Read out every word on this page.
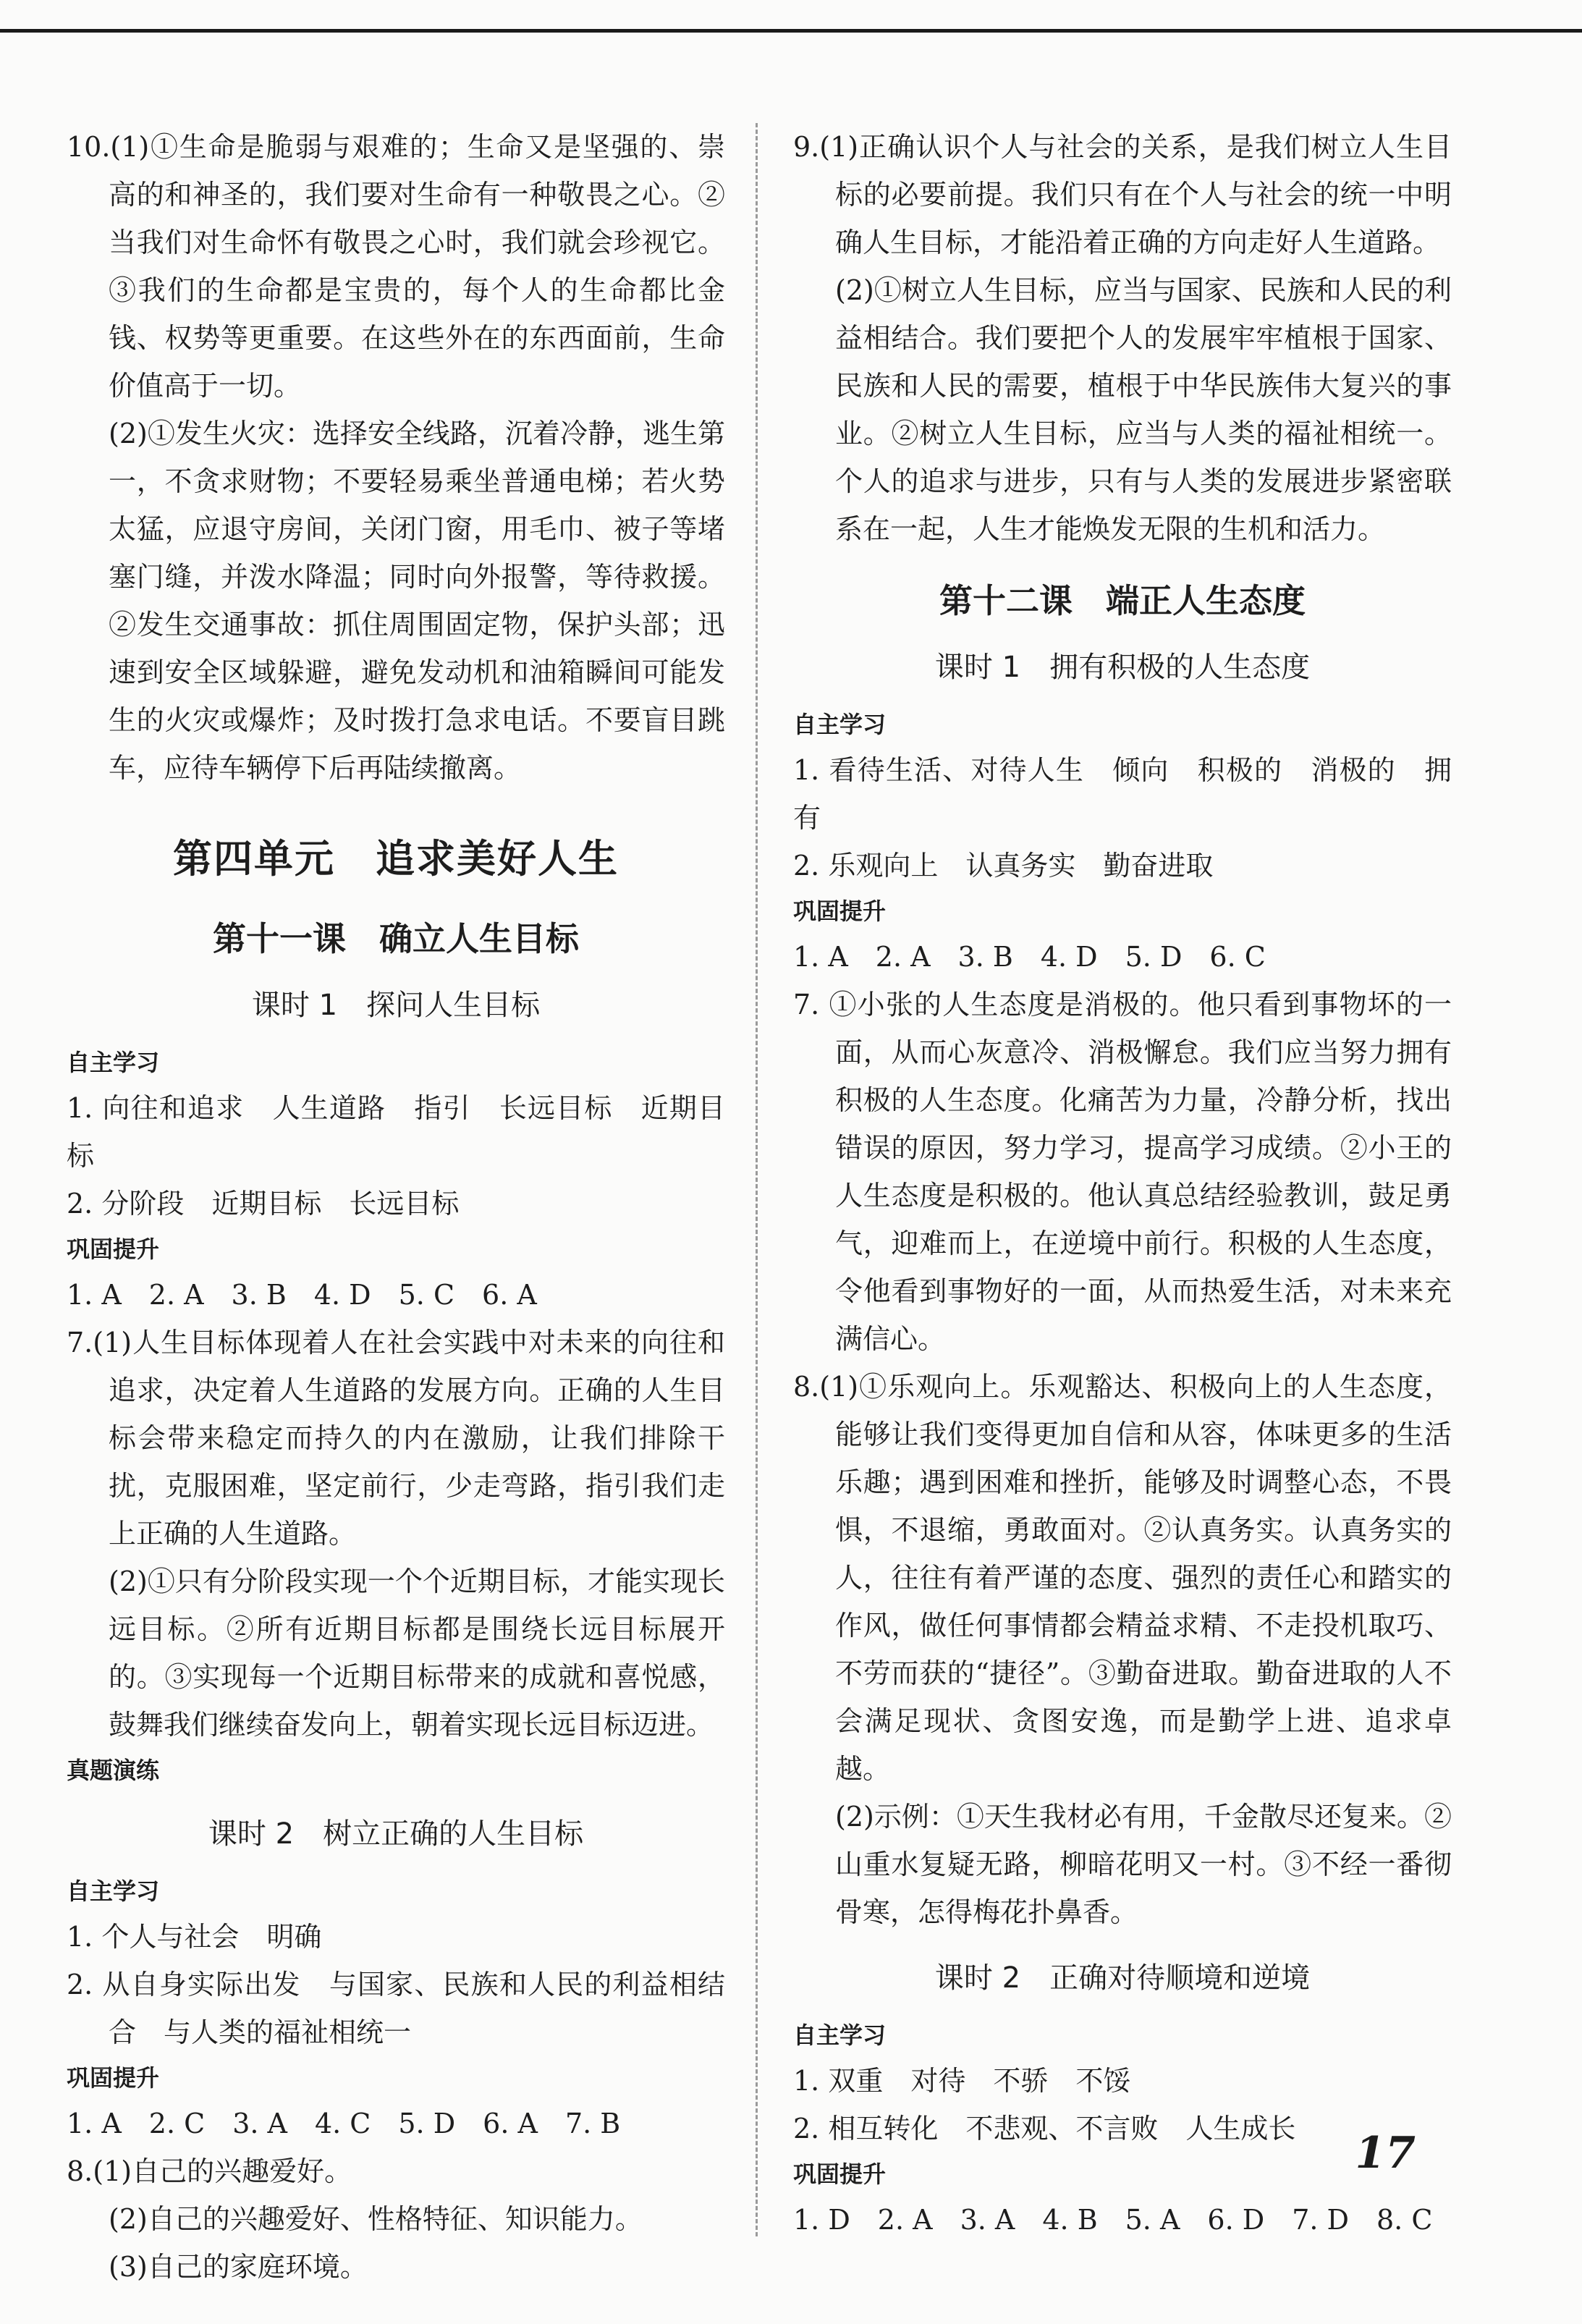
10.(1)①生命是脆弱与艰难的；生命又是坚强的、崇高的和神圣的，我们要对生命有一种敬畏之心。②当我们对生命怀有敬畏之心时，我们就会珍视它。③我们的生命都是宝贵的，每个人的生命都比金钱、权势等更重要。在这些外在的东西面前，生命价值高于一切。

(2)①发生火灾：选择安全线路，沉着冷静，逃生第一，不贪求财物；不要轻易乘坐普通电梯；若火势太猛，应退守房间，关闭门窗，用毛巾、被子等堵塞门缝，并泼水降温；同时向外报警，等待救援。②发生交通事故：抓住周围固定物，保护头部；迅速到安全区域躲避，避免发动机和油箱瞬间可能发生的火灾或爆炸；及时拨打急求电话。不要盲目跳车，应待车辆停下后再陆续撤离。

第四单元　追求美好人生
第十一课　确立人生目标
课时 1　探问人生目标
自主学习

1. 向往和追求　人生道路　指引　长远目标　近期目标

2. 分阶段　近期目标　长远目标

巩固提升

1. A　2. A　3. B　4. D　5. C　6. A

7.(1)人生目标体现着人在社会实践中对未来的向往和追求，决定着人生道路的发展方向。正确的人生目标会带来稳定而持久的内在激励，让我们排除干扰，克服困难，坚定前行，少走弯路，指引我们走上正确的人生道路。

(2)①只有分阶段实现一个个近期目标，才能实现长远目标。②所有近期目标都是围绕长远目标展开的。③实现每一个近期目标带来的成就和喜悦感，鼓舞我们继续奋发向上，朝着实现长远目标迈进。

真题演练
课时 2　树立正确的人生目标
自主学习

1. 个人与社会　明确

2. 从自身实际出发　与国家、民族和人民的利益相结合　与人类的福祉相统一

巩固提升

1. A　2. C　3. A　4. C　5. D　6. A　7. B

8.(1)自己的兴趣爱好。

(2)自己的兴趣爱好、性格特征、知识能力。

(3)自己的家庭环境。

9.(1)正确认识个人与社会的关系，是我们树立人生目标的必要前提。我们只有在个人与社会的统一中明确人生目标，才能沿着正确的方向走好人生道路。

(2)①树立人生目标，应当与国家、民族和人民的利益相结合。我们要把个人的发展牢牢植根于国家、民族和人民的需要，植根于中华民族伟大复兴的事业。②树立人生目标，应当与人类的福祉相统一。个人的追求与进步，只有与人类的发展进步紧密联系在一起，人生才能焕发无限的生机和活力。

第十二课　端正人生态度
课时 1　拥有积极的人生态度
自主学习

1. 看待生活、对待人生　倾向　积极的　消极的　拥有

2. 乐观向上　认真务实　勤奋进取

巩固提升

1. A　2. A　3. B　4. D　5. D　6. C

7. ①小张的人生态度是消极的。他只看到事物坏的一面，从而心灰意冷、消极懈怠。我们应当努力拥有积极的人生态度。化痛苦为力量，冷静分析，找出错误的原因，努力学习，提高学习成绩。②小王的人生态度是积极的。他认真总结经验教训，鼓足勇气，迎难而上，在逆境中前行。积极的人生态度，令他看到事物好的一面，从而热爱生活，对未来充满信心。

8.(1)①乐观向上。乐观豁达、积极向上的人生态度，能够让我们变得更加自信和从容，体味更多的生活乐趣；遇到困难和挫折，能够及时调整心态，不畏惧，不退缩，勇敢面对。②认真务实。认真务实的人，往往有着严谨的态度、强烈的责任心和踏实的作风，做任何事情都会精益求精、不走投机取巧、不劳而获的“捷径”。③勤奋进取。勤奋进取的人不会满足现状、贪图安逸，而是勤学上进、追求卓越。

(2)示例：①天生我材必有用，千金散尽还复来。②山重水复疑无路，柳暗花明又一村。③不经一番彻骨寒，怎得梅花扑鼻香。

课时 2　正确对待顺境和逆境
自主学习

1. 双重　对待　不骄　不馁

2. 相互转化　不悲观、不言败　人生成长

巩固提升

1. D　2. A　3. A　4. B　5. A　6. D　7. D　8. C

17
